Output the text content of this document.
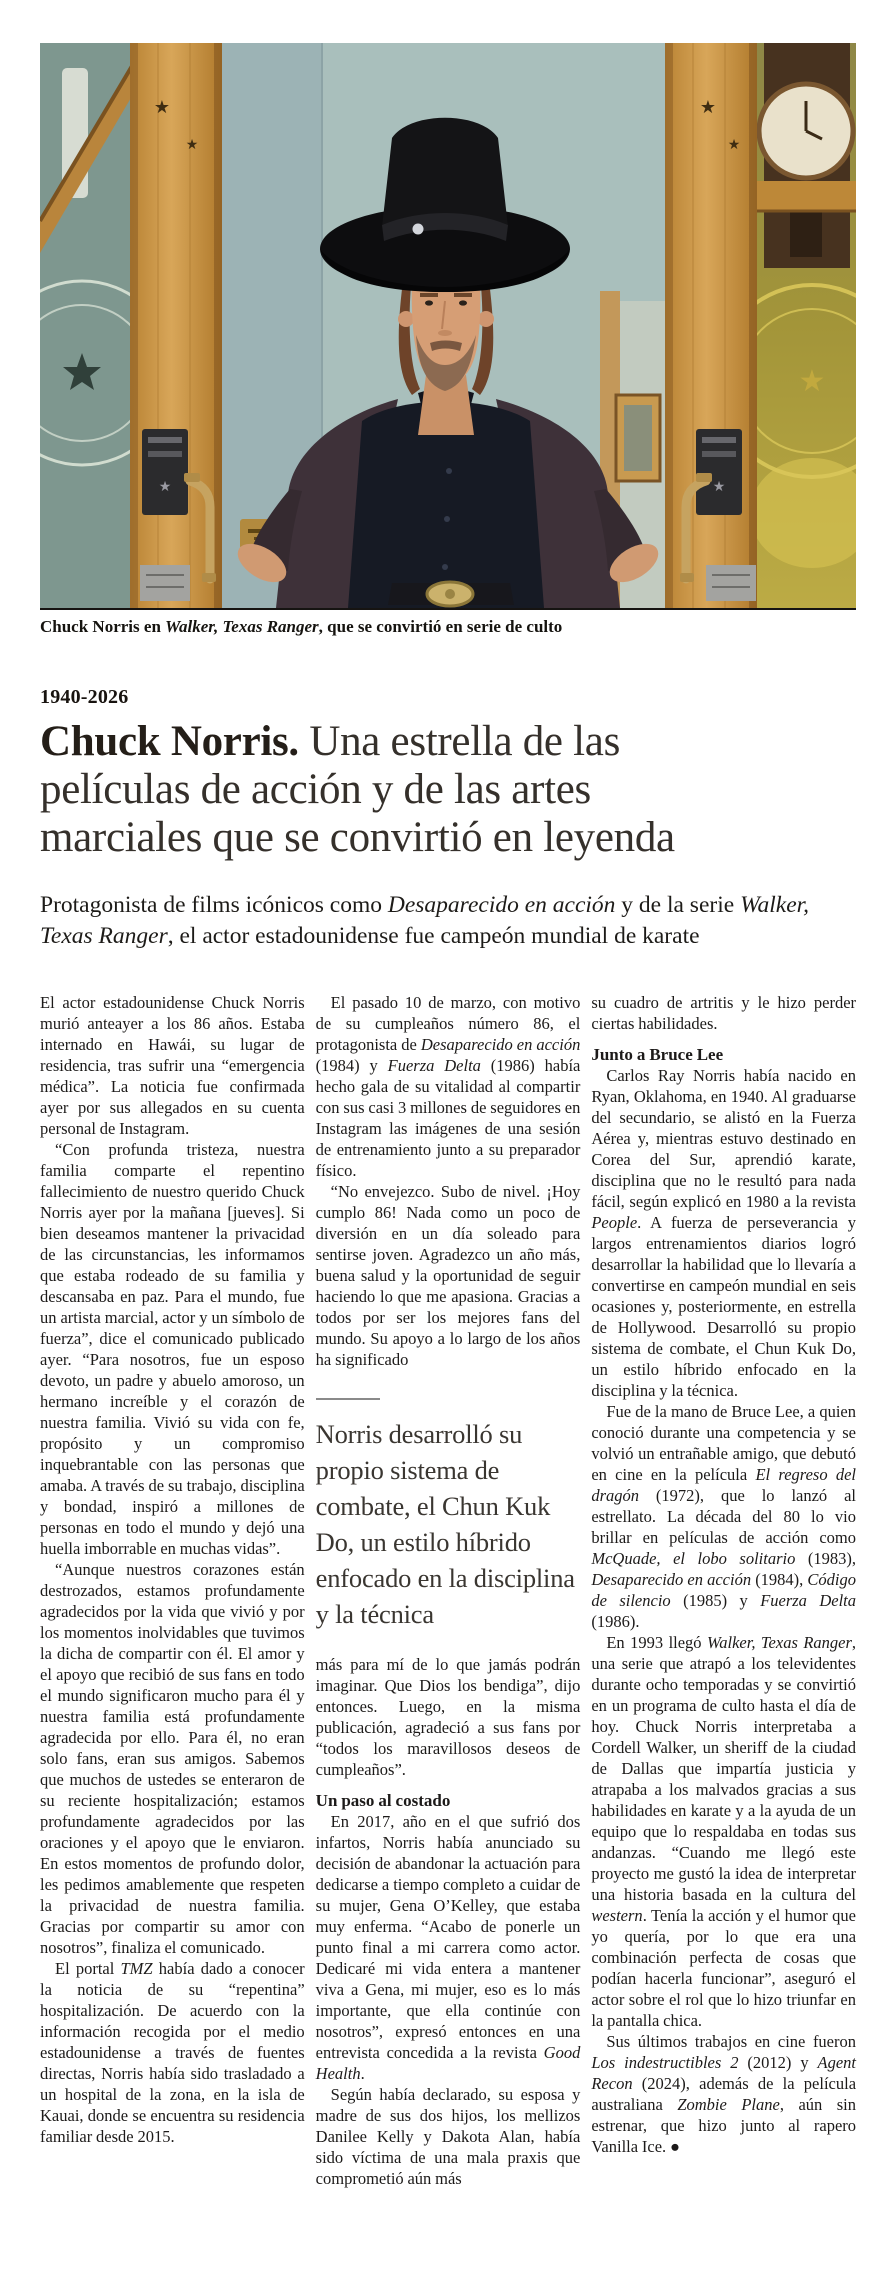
★
★
★
★
★
★
★
Chuck Norris en Walker, Texas Ranger, que se convirtió en serie de culto
1940-2026
Chuck Norris. Una estrella de las películas de acción y de las artes marciales que se convirtió en leyenda
Protagonista de films icónicos como Desaparecido en acción y de la serie Walker, Texas Ranger, el actor estadounidense fue campeón mundial de karate

El actor estadounidense Chuck Norris murió anteayer a los 86 años. Estaba internado en Hawái, su lugar de residencia, tras sufrir una “emergencia médica”. La noticia fue confirmada ayer por sus allegados en su cuenta personal de Instagram.

“Con profunda tristeza, nuestra familia comparte el repentino fallecimiento de nuestro querido Chuck Norris ayer por la mañana [jueves]. Si bien deseamos mantener la privacidad de las circunstancias, les informamos que estaba rodeado de su familia y descansaba en paz. Para el mundo, fue un artista marcial, actor y un símbolo de fuerza”, dice el comunicado publicado ayer. “Para nosotros, fue un esposo devoto, un padre y abuelo amoroso, un hermano increíble y el corazón de nuestra familia. Vivió su vida con fe, propósito y un compromiso inquebrantable con las personas que amaba. A través de su trabajo, disciplina y bondad, inspiró a millones de personas en todo el mundo y dejó una huella imborrable en muchas vidas”.

“Aunque nuestros corazones están destrozados, estamos profundamente agradecidos por la vida que vivió y por los momentos inolvidables que tuvimos la dicha de compartir con él. El amor y el apoyo que recibió de sus fans en todo el mundo significaron mucho para él y nuestra familia está profundamente agradecida por ello. Para él, no eran solo fans, eran sus amigos. Sabemos que muchos de ustedes se enteraron de su reciente hospitalización; estamos profundamente agradecidos por las oraciones y el apoyo que le enviaron. En estos momentos de profundo dolor, les pedimos amablemente que respeten la privacidad de nuestra familia. Gracias por compartir su amor con nosotros”, finaliza el comunicado.

El portal TMZ había dado a conocer la noticia de su “repentina” hospitalización. De acuerdo con la información recogida por el medio estadounidense a través de fuentes directas, Norris había sido trasladado a un hospital de la zona, en la isla de Kauai, donde se encuentra su residencia familiar desde 2015.

El pasado 10 de marzo, con motivo de su cumpleaños número 86, el protagonista de Desaparecido en acción (1984) y Fuerza Delta (1986) había hecho gala de su vitalidad al compartir con sus casi 3 millones de seguidores en Instagram las imágenes de una sesión de entrenamiento junto a su preparador físico.

“No envejezco. Subo de nivel. ¡Hoy cumplo 86! Nada como un poco de diversión en un día soleado para sentirse joven. Agradezco un año más, buena salud y la oportunidad de seguir haciendo lo que me apasiona. Gracias a todos por ser los mejores fans del mundo. Su apoyo a lo largo de los años ha significado

Norris desarrolló su propio sistema de combate, el Chun Kuk Do, un estilo híbrido enfocado en la disciplina y la técnica

más para mí de lo que jamás podrán imaginar. Que Dios los bendiga”, dijo entonces. Luego, en la misma publicación, agradeció a sus fans por “todos los maravillosos deseos de cumpleaños”.

Un paso al costado

En 2017, año en el que sufrió dos infartos, Norris había anunciado su decisión de abandonar la actuación para dedicarse a tiempo completo a cuidar de su mujer, Gena O’Kelley, que estaba muy enferma. “Acabo de ponerle un punto final a mi carrera como actor. Dedicaré mi vida entera a mantener viva a Gena, mi mujer, eso es lo más importante, que ella continúe con nosotros”, expresó entonces en una entrevista concedida a la revista Good Health.

Según había declarado, su esposa y madre de sus dos hijos, los mellizos Danilee Kelly y Dakota Alan, había sido víctima de una mala praxis que comprometió aún más

su cuadro de artritis y le hizo perder ciertas habilidades.

Junto a Bruce Lee

Carlos Ray Norris había nacido en Ryan, Oklahoma, en 1940. Al graduarse del secundario, se alistó en la Fuerza Aérea y, mientras estuvo destinado en Corea del Sur, aprendió karate, disciplina que no le resultó para nada fácil, según explicó en 1980 a la revista People. A fuerza de perseverancia y largos entrenamientos diarios logró desarrollar la habilidad que lo llevaría a convertirse en campeón mundial en seis ocasiones y, posteriormente, en estrella de Hollywood. Desarrolló su propio sistema de combate, el Chun Kuk Do, un estilo híbrido enfocado en la disciplina y la técnica.

Fue de la mano de Bruce Lee, a quien conoció durante una competencia y se volvió un entrañable amigo, que debutó en cine en la película El regreso del dragón (1972), que lo lanzó al estrellato. La década del 80 lo vio brillar en películas de acción como McQuade, el lobo solitario (1983), Desaparecido en acción (1984), Código de silencio (1985) y Fuerza Delta (1986).

En 1993 llegó Walker, Texas Ranger, una serie que atrapó a los televidentes durante ocho temporadas y se convirtió en un programa de culto hasta el día de hoy. Chuck Norris interpretaba a Cordell Walker, un sheriff de la ciudad de Dallas que impartía justicia y atrapaba a los malvados gracias a sus habilidades en karate y a la ayuda de un equipo que lo respaldaba en todas sus andanzas. “Cuando me llegó este proyecto me gustó la idea de interpretar una historia basada en la cultura del western. Tenía la acción y el humor que yo quería, por lo que era una combinación perfecta de cosas que podían hacerla funcionar”, aseguró el actor sobre el rol que lo hizo triunfar en la pantalla chica.

Sus últimos trabajos en cine fueron Los indestructibles 2 (2012) y Agent Recon (2024), además de la película australiana Zombie Plane, aún sin estrenar, que hizo junto al rapero Vanilla Ice. ●
